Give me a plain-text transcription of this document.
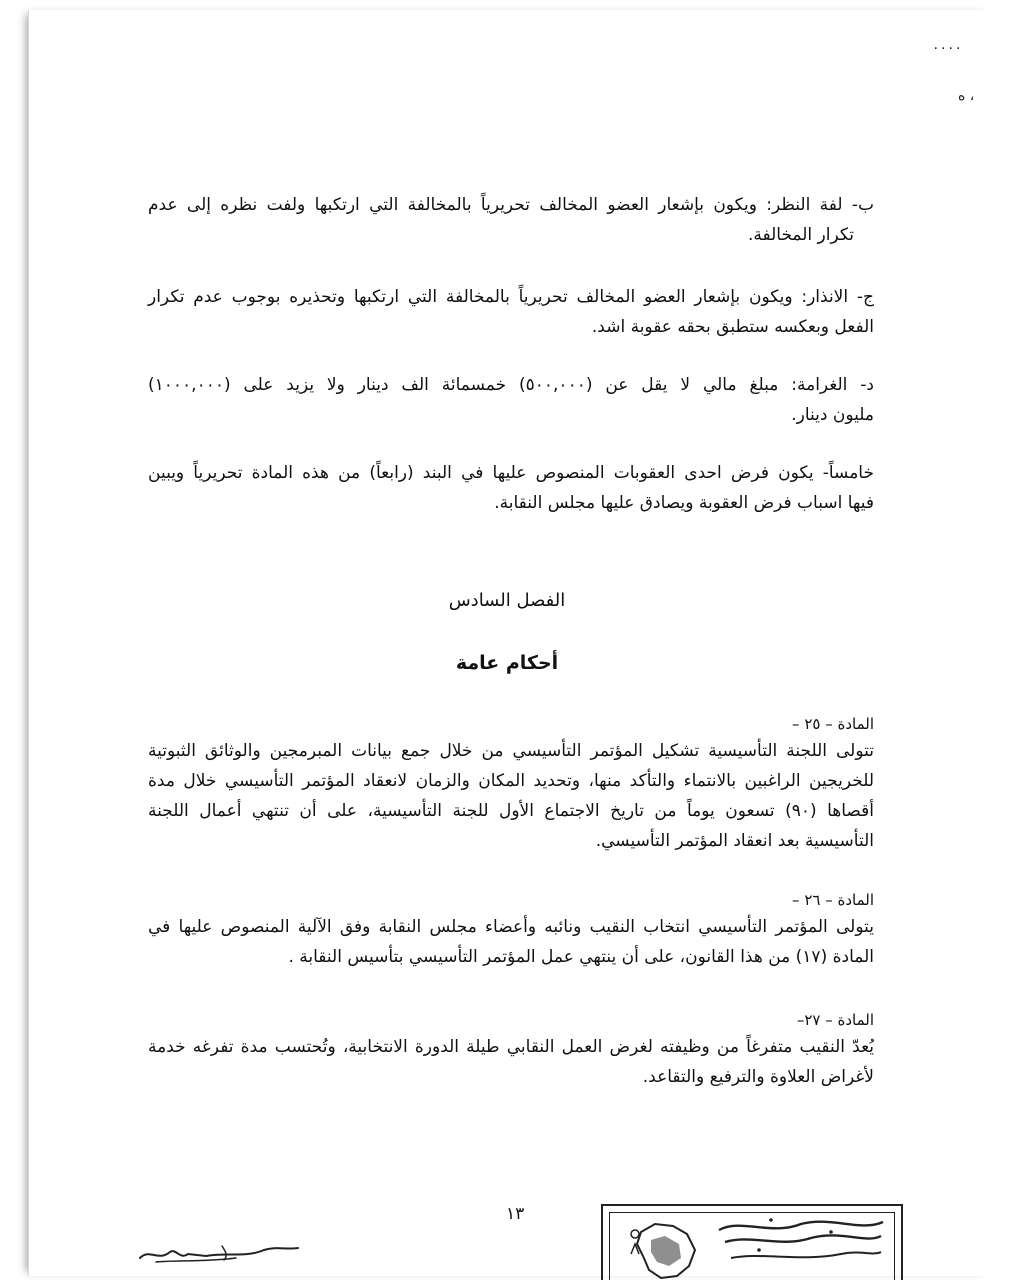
٠٠٠٠
ه ،
ب- لفة النظر: ويكون بإشعار العضو المخالف تحريرياً بالمخالفة التي ارتكبها ولفت نظره إلى عدم
تكرار المخالفة.
ج- الانذار: ويكون بإشعار العضو المخالف تحريرياً بالمخالفة التي ارتكبها وتحذيره بوجوب عدم تكرار
الفعل وبعكسه ستطبق بحقه عقوبة اشد.
د- الغرامة: مبلغ مالي لا يقل عن (٥٠٠,٠٠٠) خمسمائة الف دينار ولا يزيد على (١٠٠٠,٠٠٠)
مليون دينار.
خامساً- يكون فرض احدى العقوبات المنصوص عليها في البند (رابعاً) من هذه المادة تحريرياً ويبين
فيها اسباب فرض العقوبة ويصادق عليها مجلس النقابة.
الفصل السادس
أحكام عامة
المادة – ٢٥ –
تتولى اللجنة التأسيسية تشكيل المؤتمر التأسيسي من خلال جمع بيانات المبرمجين والوثائق الثبوتية
للخريجين الراغبين بالانتماء والتأكد منها، وتحديد المكان والزمان لانعقاد المؤتمر التأسيسي خلال مدة
أقصاها (٩٠) تسعون يوماً من تاريخ الاجتماع الأول للجنة التأسيسية، على أن تنتهي أعمال اللجنة
التأسيسية بعد انعقاد المؤتمر التأسيسي.
المادة – ٢٦ –
يتولى المؤتمر التأسيسي انتخاب النقيب ونائبه وأعضاء مجلس النقابة وفق الآلية المنصوص عليها في
المادة (١٧) من هذا القانون، على أن ينتهي عمل المؤتمر التأسيسي بتأسيس النقابة .
المادة – ٢٧–
يُعدّ النقيب متفرغاً من وظيفته لغرض العمل النقابي طيلة الدورة الانتخابية، وتُحتسب مدة تفرغه خدمة
لأغراض العلاوة والترفيع والتقاعد.
١٣
